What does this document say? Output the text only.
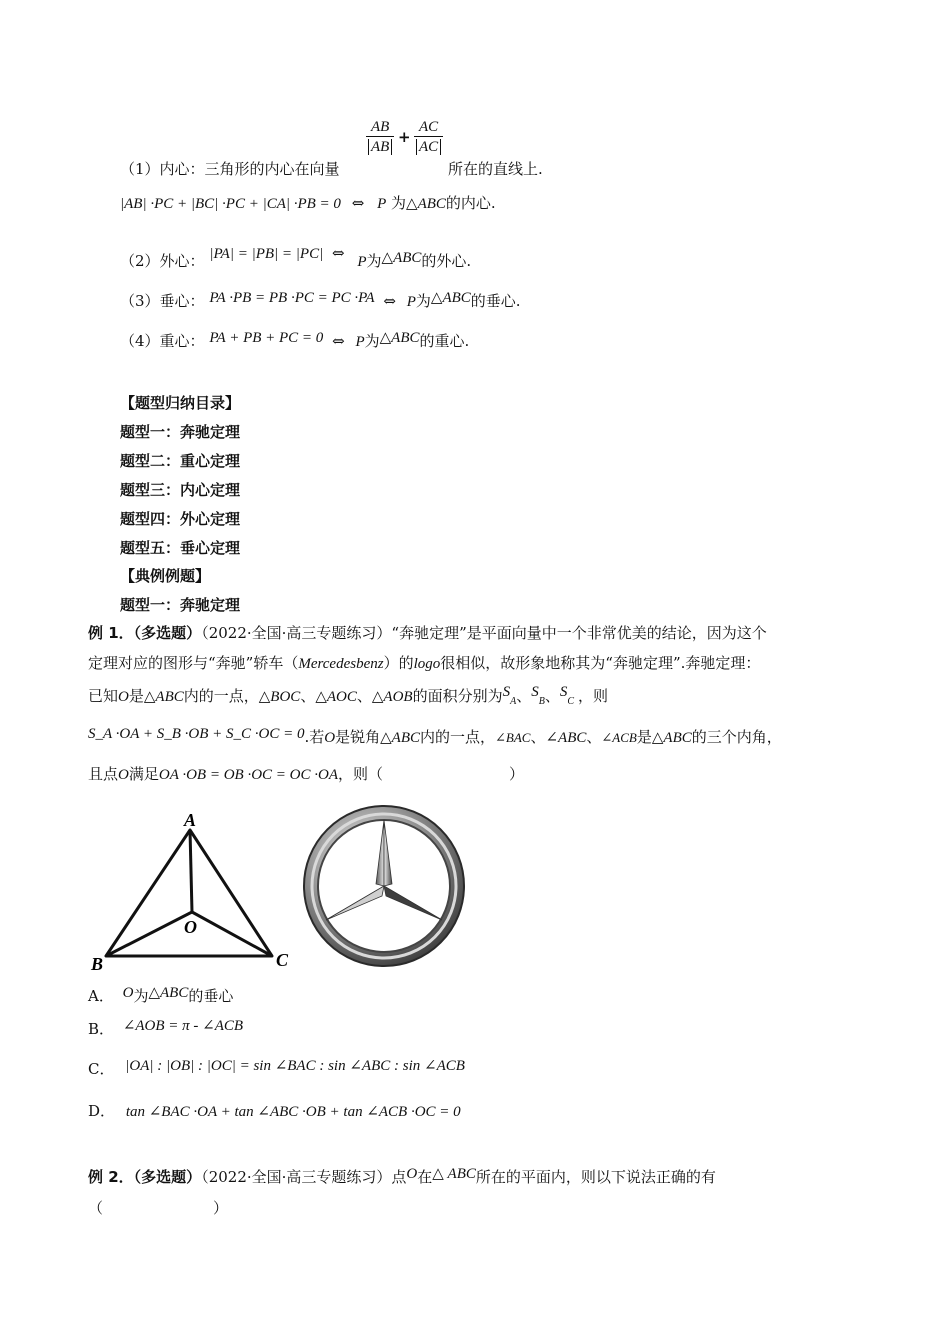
（1）内心：三角形的内心在向量
$\frac{AB}{AB} + \frac{AC}{AC}$
所在的直线上.
|AB| ·PC + |BC| ·PC + |CA| ·PB = 0 ⇔ P 为△ABC的内心.
（2）外心： |PA| = |PB| = |PC| ⇔ P为△ABC的外心.
（3）垂心： PA ·PB = PB ·PC = PC ·PA ⇔ P为△ABC的垂心.
（4）重心： PA + PB + PC = 0 ⇔ P为△ABC的重心.
【题型归纳目录】
题型一：奔驰定理
题型二：重心定理
题型三：内心定理
题型四：外心定理
题型五：垂心定理
【典例例题】
题型一：奔驰定理
例 1．（多选题）（2022·全国·高三专题练习）“奔驰定理”是平面向量中一个非常优美的结论，因为这个
定理对应的图形与“奔驰”轿车（Mercedesbenz）的logo很相似，故形象地称其为“奔驰定理”.奔驰定理：
已知O是△ABC内的一点，△BOC、△AOC、△AOB的面积分别为$S_A$、$S_B$、$S_C$ ，则
S_A ·OA + S_B ·OB + S_C ·OC = 0.若O是锐角△ABC内的一点，∠BAC、∠ABC、∠ACB是△ABC的三个内角，
且点O满足OA ·OB = OB ·OC = OC ·OA，则（	）
A
B	C
O
A． O为△ABC的垂心
B． ∠AOB = π - ∠ACB
C． |OA| : |OB| : |OC| = sin ∠BAC : sin ∠ABC : sin ∠ACB
D． tan ∠BAC ·OA + tan ∠ABC ·OB + tan ∠ACB ·OC = 0
例 2．（多选题）（2022·全国·高三专题练习）点O在△ ABC所在的平面内，则以下说法正确的有
（	）
